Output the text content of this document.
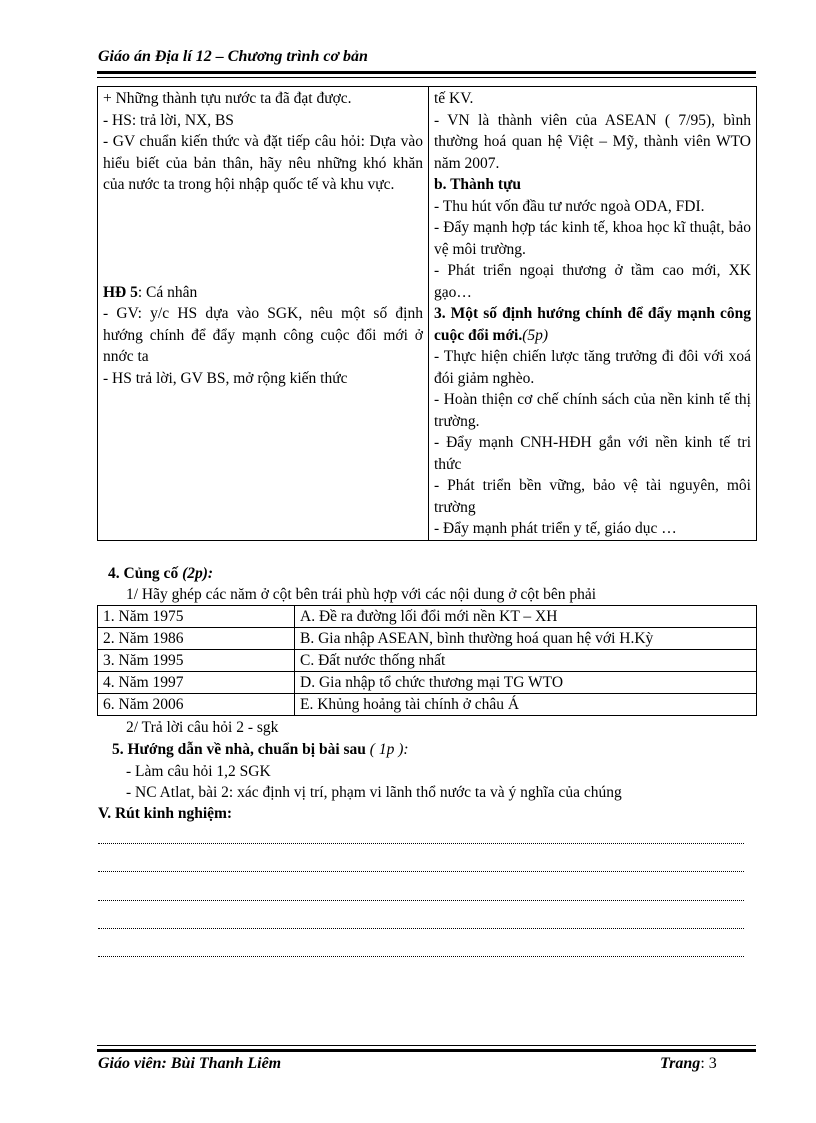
Giáo án Địa lí 12 – Chương trình cơ bản

+ Những thành tựu nước ta đã đạt được.

- HS: trả lời, NX, BS

- GV chuẩn kiến thức và đặt tiếp câu hỏi: Dựa vào hiểu biết của bản thân, hãy nêu những khó khăn của nước ta trong hội nhập quốc tế và khu vực.

HĐ 5: Cá nhân

- GV: y/c HS dựa vào SGK, nêu một số định hướng chính để đẩy mạnh công cuộc đổi mới ở nnớc ta

- HS trả lời, GV BS, mở rộng kiến thức

tế KV.

- VN là thành viên của ASEAN ( 7/95), bình thường hoá quan hệ Việt – Mỹ, thành viên WTO năm 2007.

b. Thành tựu

- Thu hút vốn đầu tư nước ngoà ODA, FDI.

- Đẩy mạnh hợp tác kinh tế, khoa học kĩ thuật, bảo vệ môi trường.

- Phát triển ngoại thương ở tầm cao mới, XK gạo…

3. Một số định hướng chính để đẩy mạnh công cuộc đổi mới.(5p)

- Thực hiện chiến lược tăng trưởng đi đôi với xoá đói giảm nghèo.

- Hoàn thiện cơ chế chính sách của nền kinh tế thị trường.

- Đẩy mạnh CNH-HĐH gắn với nền kinh tế tri thức

- Phát triển bền vững, bảo vệ tài nguyên, môi trường

- Đẩy mạnh phát triển y tế, giáo dục …

4. Củng cố (2p):
1/ Hãy ghép các năm ở cột bên trái phù hợp với các nội dung ở cột bên phải
1. Năm 1975	A. Đề ra đường lối đổi mới nền KT – XH
2. Năm 1986	B. Gia nhập ASEAN, bình thường hoá quan hệ với H.Kỳ
3. Năm 1995	C. Đất nước thống nhất
4. Năm 1997	D. Gia nhập tổ chức thương mại TG WTO
6. Năm 2006	E. Khủng hoảng tài chính ở châu Á
2/ Trả lời câu hỏi 2 - sgk
5. Hướng dẫn về nhà, chuẩn bị bài sau ( 1p ):
- Làm câu hỏi 1,2 SGK
- NC Atlat, bài 2: xác định vị trí, phạm vi lãnh thổ nước ta và ý nghĩa của chúng
V. Rút kinh nghiệm:
Giáo viên: Bùi Thanh Liêm	Trang: 3
